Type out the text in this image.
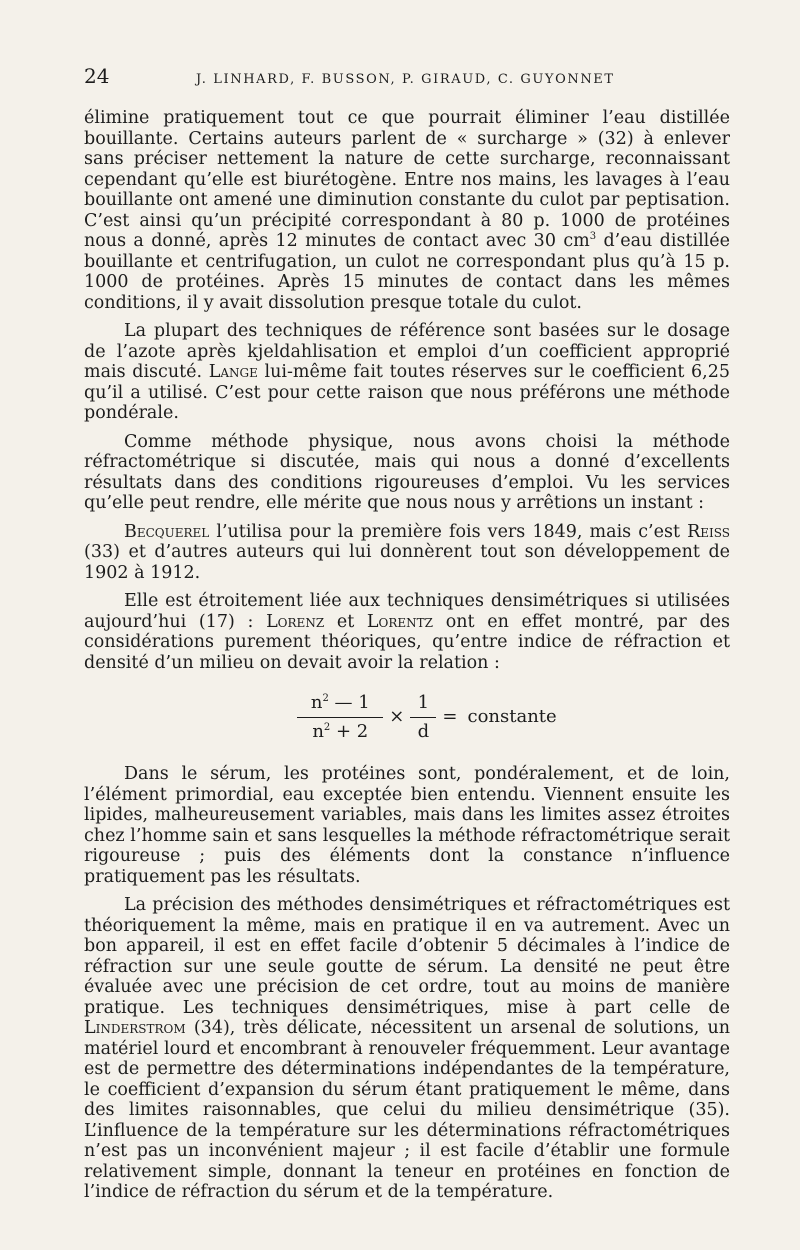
24	J. LINHARD, F. BUSSON, P. GIRAUD, C. GUYONNET

élimine pratiquement tout ce que pourrait éliminer l’eau distillée bouillante. Certains auteurs parlent de « surcharge » (32) à enlever sans préciser nettement la nature de cette surcharge, reconnaissant cependant qu’elle est biurétogène. Entre nos mains, les lavages à l’eau bouillante ont amené une diminution constante du culot par peptisation. C’est ainsi qu’un précipité correspondant à 80 p. 1000 de protéines nous a donné, après 12 minutes de contact avec 30 $cm^3$ d’eau distillée bouillante et centrifugation, un culot ne correspondant plus qu’à 15 p. 1000 de protéines. Après 15 minutes de contact dans les mêmes conditions, il y avait dissolution presque totale du culot.

La plupart des techniques de référence sont basées sur le dosage de l’azote après kjeldahlisation et emploi d’un coefficient approprié mais discuté. Lange lui-même fait toutes réserves sur le coefficient 6,25 qu’il a utilisé. C’est pour cette raison que nous préférons une méthode pondérale.

Comme méthode physique, nous avons choisi la méthode réfractométrique si discutée, mais qui nous a donné d’excellents résultats dans des conditions rigoureuses d’emploi. Vu les services qu’elle peut rendre, elle mérite que nous nous y arrêtions un instant :

Becquerel l’utilisa pour la première fois vers 1849, mais c’est Reiss (33) et d’autres auteurs qui lui donnèrent tout son développement de 1902 à 1912.

Elle est étroitement liée aux techniques densimétriques si utilisées aujourd’hui (17) : Lorenz et Lorentz ont en effet montré, par des considérations purement théoriques, qu’entre indice de réfraction et densité d’un milieu on devait avoir la relation :

$\frac{n^2 — 1}{n^2 + 2} \times \frac{1}{d}$ = constante

Dans le sérum, les protéines sont, pondéralement, et de loin, l’élément primordial, eau exceptée bien entendu. Viennent ensuite les lipides, malheureusement variables, mais dans les limites assez étroites chez l’homme sain et sans lesquelles la méthode réfractométrique serait rigoureuse ; puis des éléments dont la constance n’influence pratiquement pas les résultats.

La précision des méthodes densimétriques et réfractométriques est théoriquement la même, mais en pratique il en va autrement. Avec un bon appareil, il est en effet facile d’obtenir 5 décimales à l’indice de réfraction sur une seule goutte de sérum. La densité ne peut être évaluée avec une précision de cet ordre, tout au moins de manière pratique. Les techniques densimétriques, mise à part celle de Linderstrom (34), très délicate, nécessitent un arsenal de solutions, un matériel lourd et encombrant à renouveler fréquemment. Leur avantage est de permettre des déterminations indépendantes de la température, le coefficient d’expansion du sérum étant pratiquement le même, dans des limites raisonnables, que celui du milieu densimétrique (35). L’influence de la température sur les déterminations réfractométriques n’est pas un inconvénient majeur ; il est facile d’établir une formule relativement simple, donnant la teneur en protéines en fonction de l’indice de réfraction du sérum et de la température.
